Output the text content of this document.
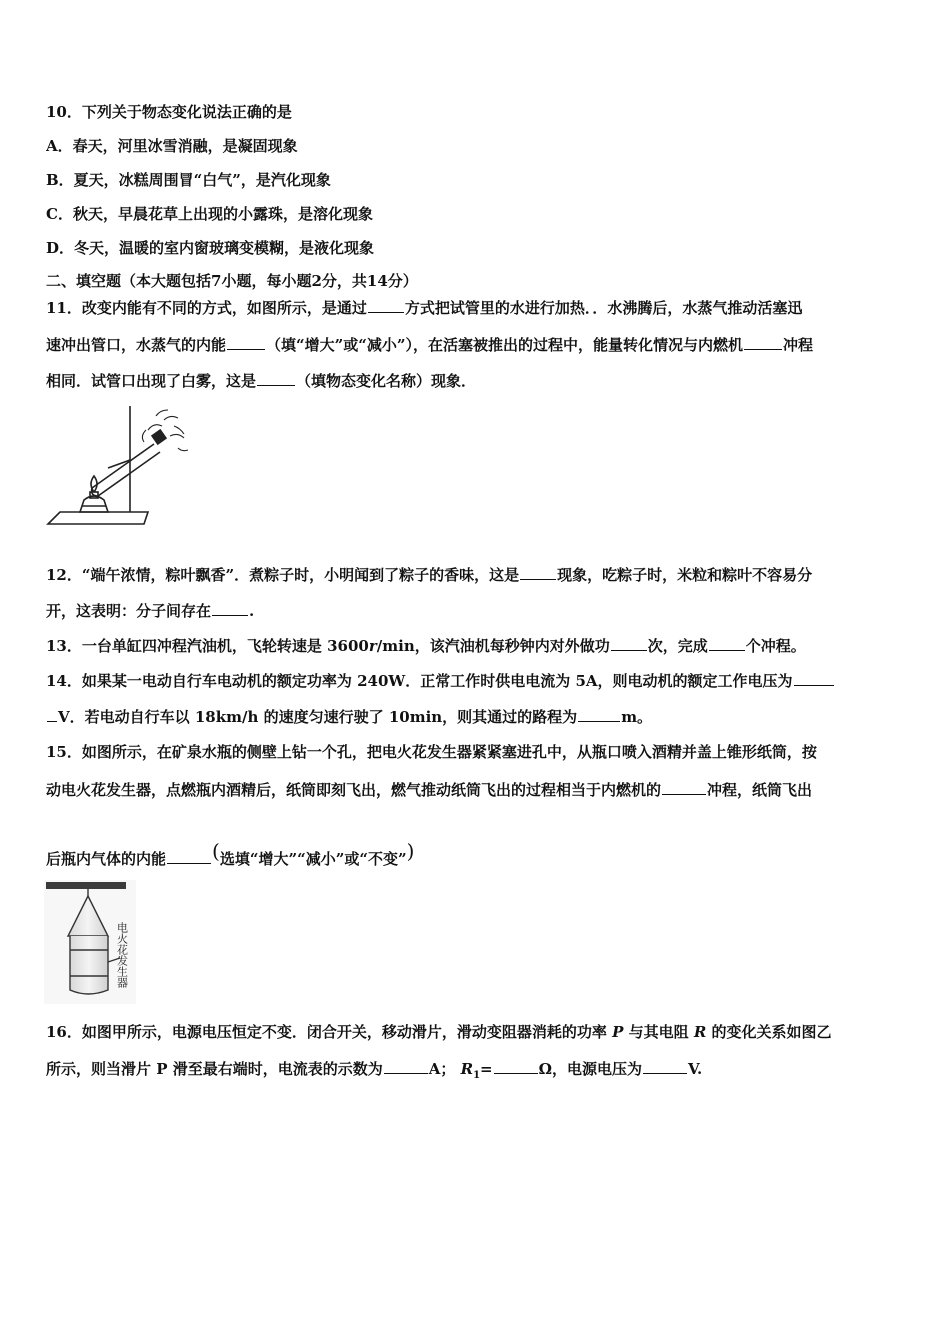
10．下列关于物态变化说法正确的是
A．春天，河里冰雪消融，是凝固现象
B．夏天，冰糕周围冒“白气”，是汽化现象
C．秋天，早晨花草上出现的小露珠，是溶化现象
D．冬天，温暖的室内窗玻璃变模糊，是液化现象
二、填空题（本大题包括7小题，每小题2分，共14分）
11．改变内能有不同的方式，如图所示，是通过	方式把试管里的水进行加热．．水沸腾后，水蒸气推动活塞迅
速冲出管口，水蒸气的内能	（填“增大”或“减小”），在活塞被推出的过程中，能量转化情况与内燃机	冲程
相同．试管口出现了白雾，这是	（填物态变化名称）现象．
12．“端午浓情，粽叶飘香”．煮粽子时，小明闻到了粽子的香味，这是	现象，吃粽子时，米粒和粽叶不容易分
开，这表明：分子间存在	.
13．一台单缸四冲程汽油机，飞轮转速是 3600r/min，该汽油机每秒钟内对外做功	次，完成	个冲程。
14．如果某一电动自行车电动机的额定功率为 240W．正常工作时供电电流为 5A，则电动机的额定工作电压为
V．若电动自行车以 18km/h 的速度匀速行驶了 10min，则其通过的路程为	m。
15．如图所示，在矿泉水瓶的侧壁上钻一个孔，把电火花发生器紧紧塞进孔中，从瓶口喷入酒精并盖上锥形纸筒，按
动电火花发生器，点燃瓶内酒精后，纸筒即刻飞出，燃气推动纸筒飞出的过程相当于内燃机的	冲程，纸筒飞出
后瓶内气体的内能 (选填“增大”“减小”或“不变”)
电火花发生器
16．如图甲所示，电源电压恒定不变．闭合开关，移动滑片，滑动变阻器消耗的功率 P 与其电阻 R 的变化关系如图乙
所示，则当滑片 P 滑至最右端时，电流表的示数为	A； $R_1=$	Ω，电源电压为	V.
